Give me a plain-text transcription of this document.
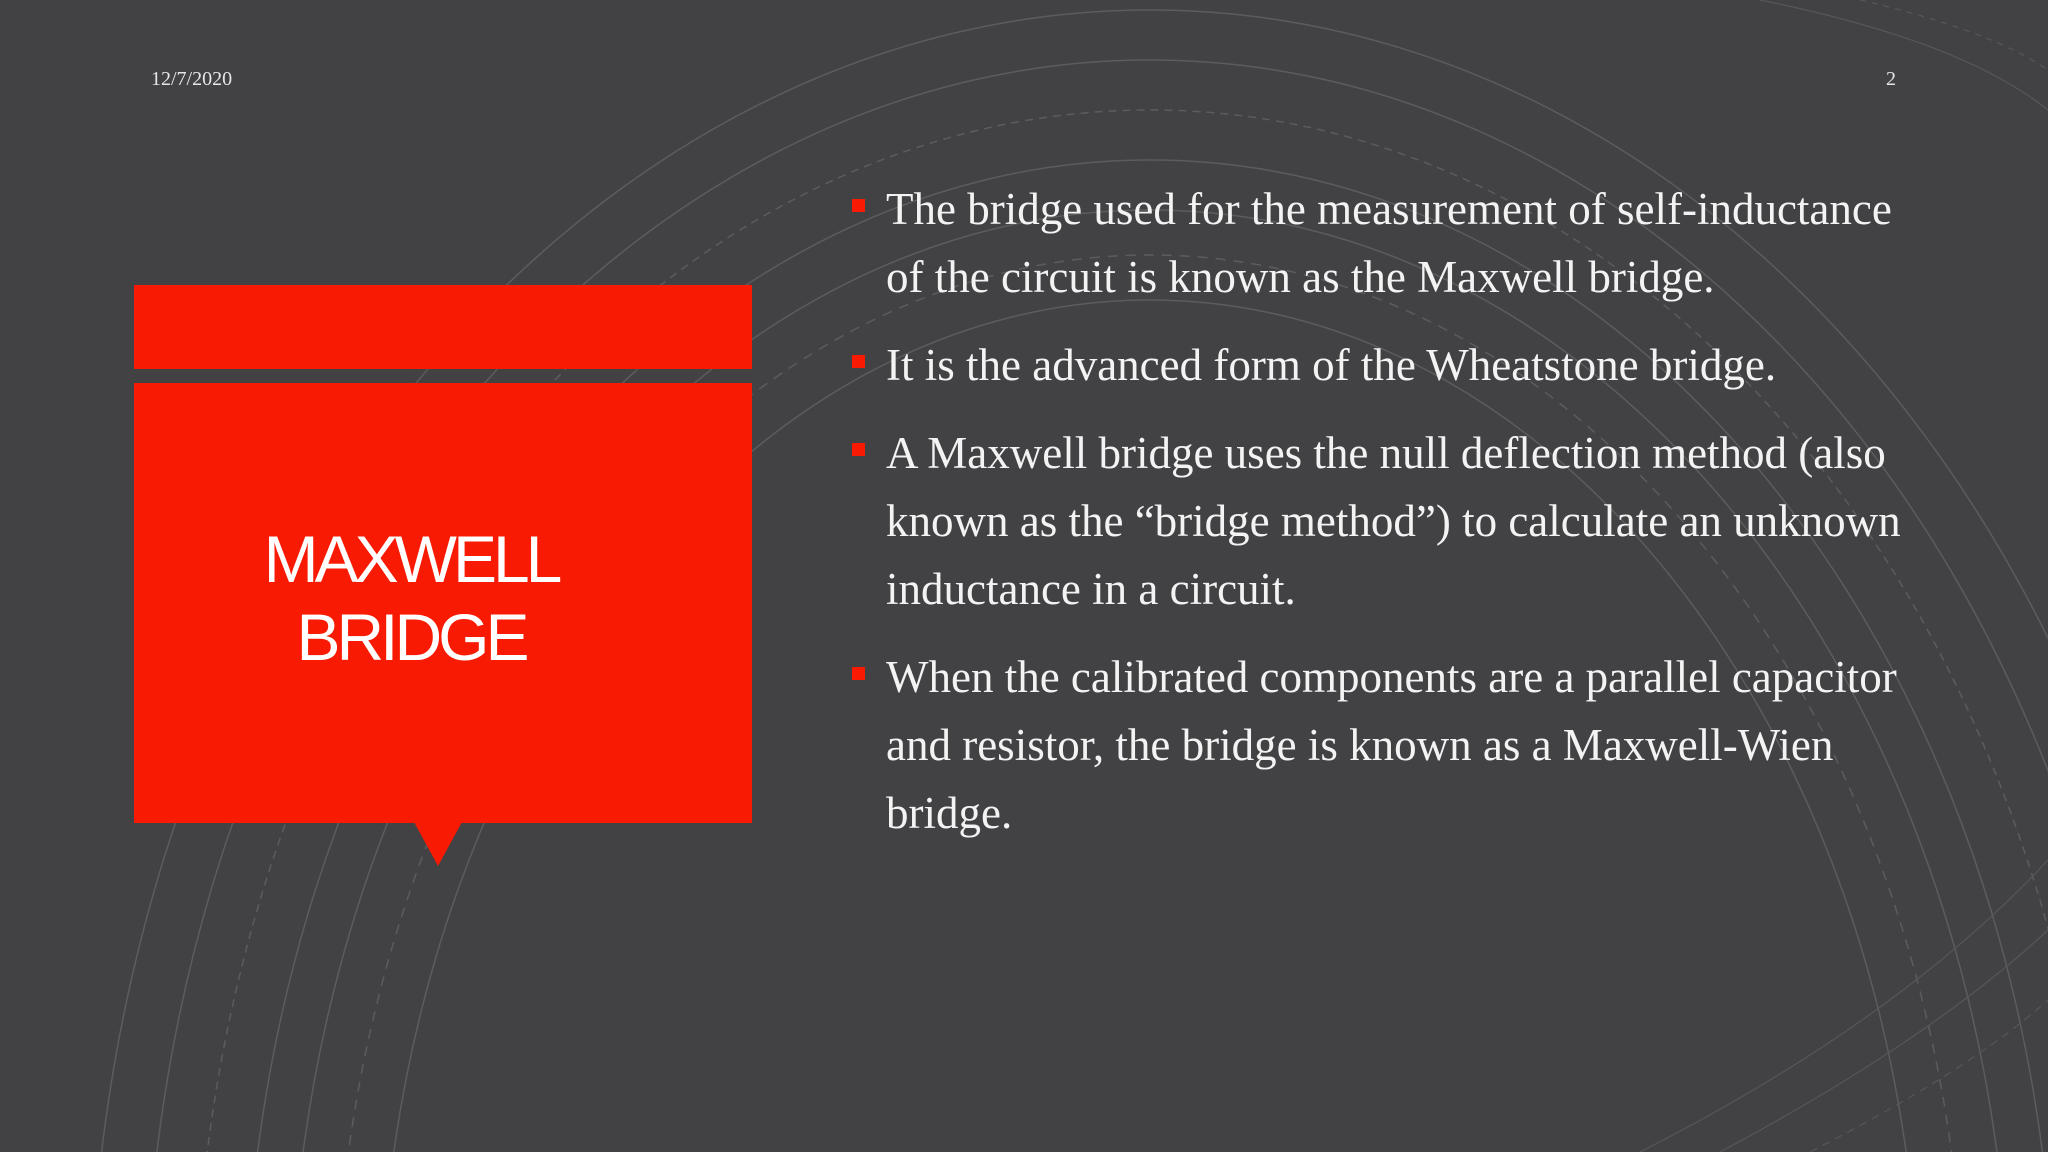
12/7/2020	2
MAXWELL
BRIDGE
The bridge used for the measurement of self-inductance of the circuit is known as the Maxwell bridge.
It is the advanced form of the Wheatstone bridge.
A Maxwell bridge uses the null deflection method (also known as the “bridge method”) to calculate an unknown inductance in a circuit.
When the calibrated components are a parallel capacitor and resistor, the bridge is known as a Maxwell-Wien bridge.
